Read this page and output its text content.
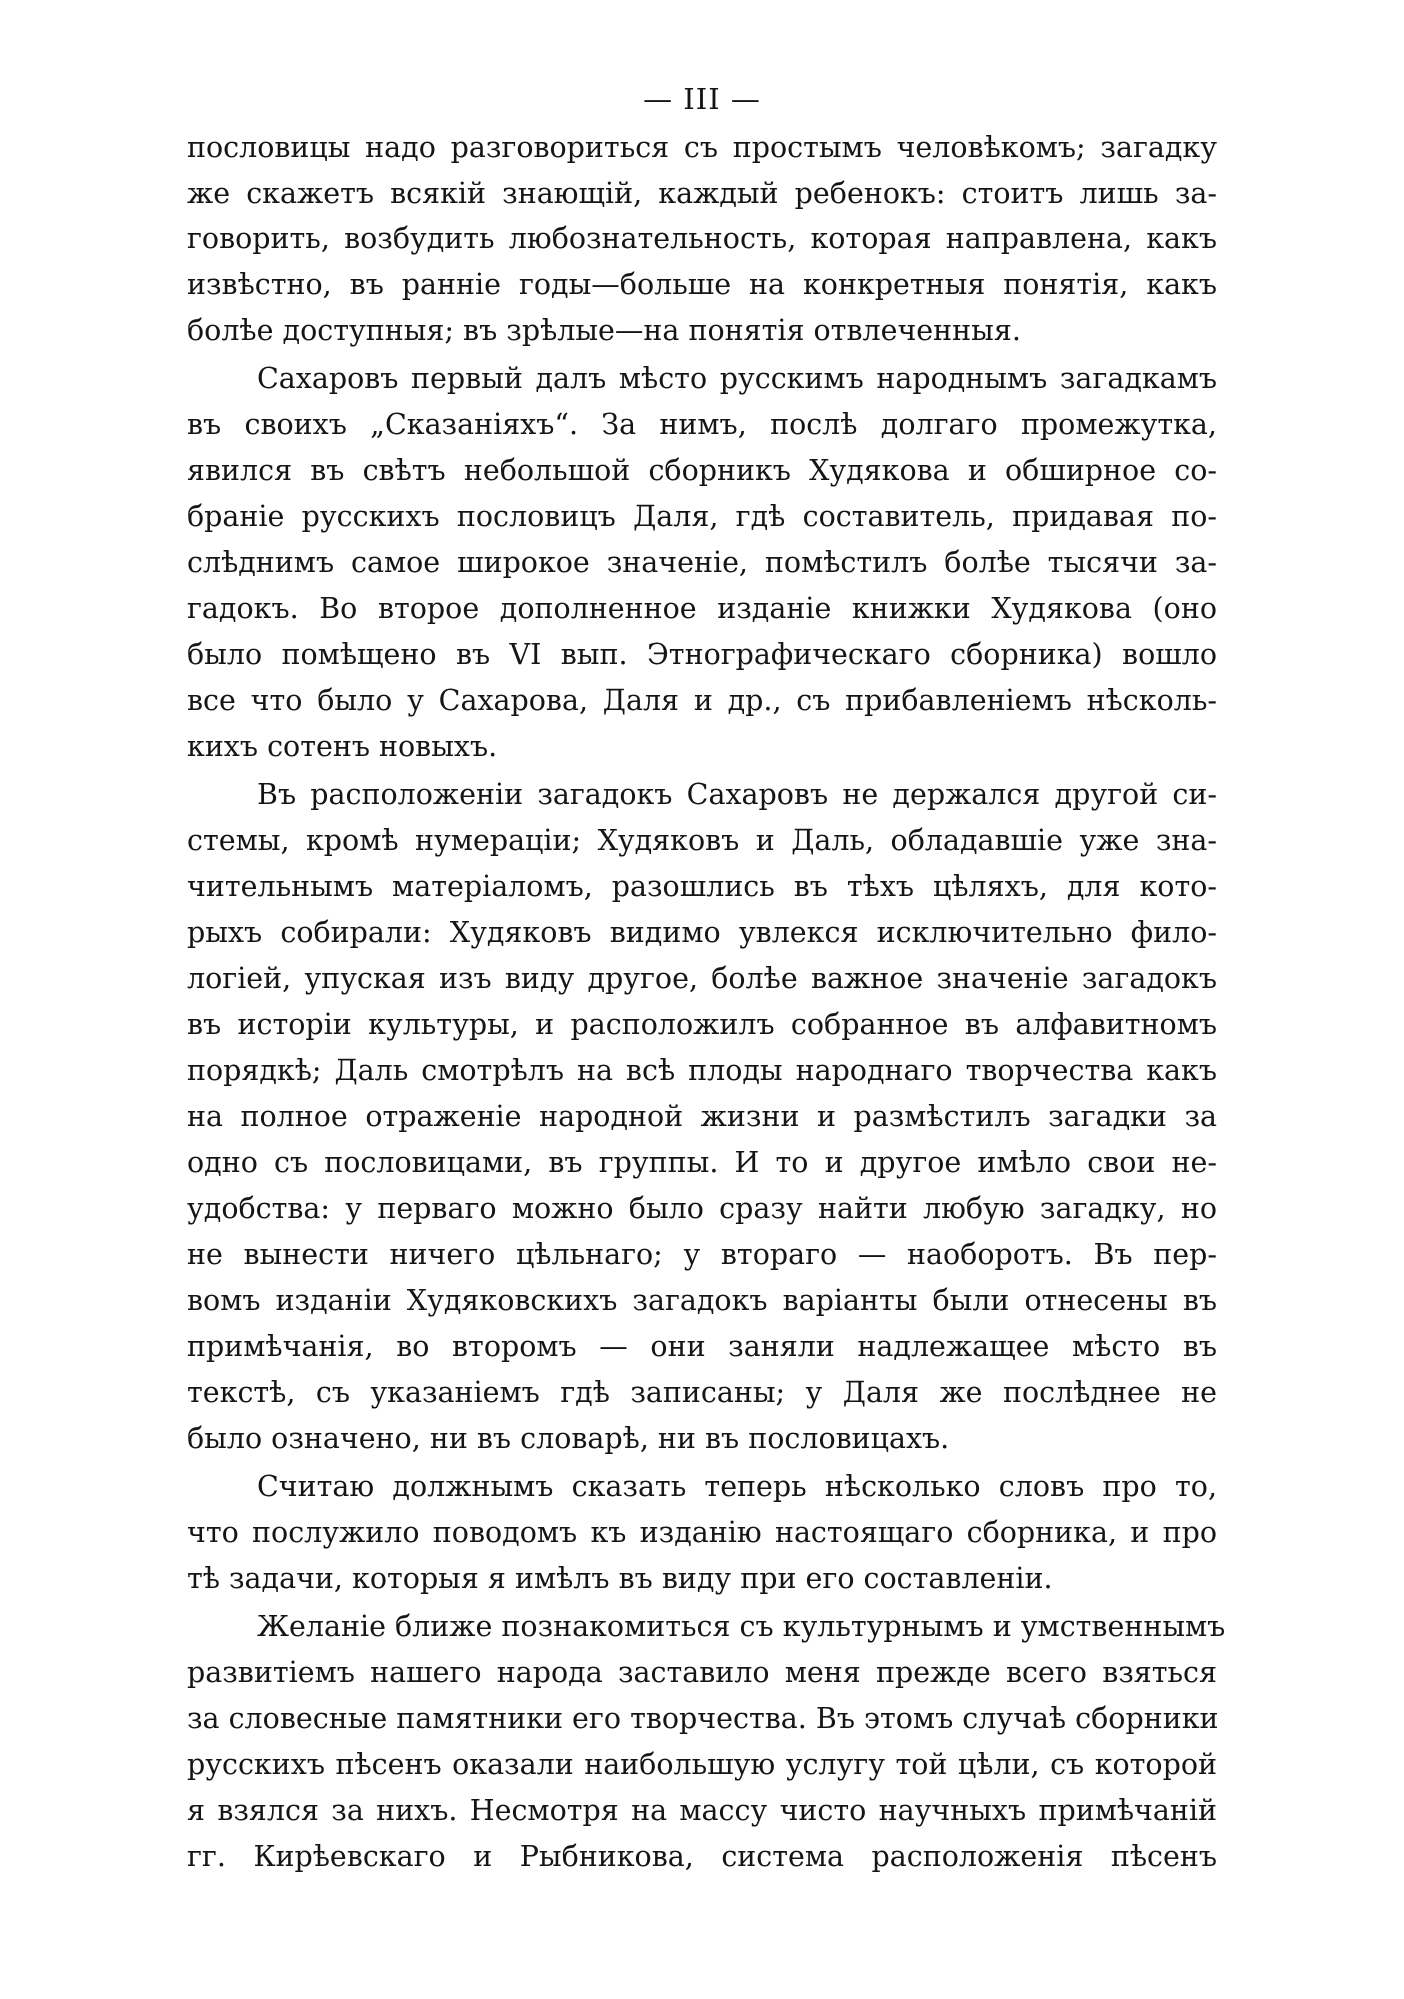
— III —
пословицы надо разговориться съ простымъ человѣкомъ; загадку
же скажетъ всякій знающій, каждый ребенокъ: стоитъ лишь за-
говорить, возбудить любознательность, которая направлена, какъ
извѣстно, въ ранніе годы—больше на конкретныя понятія, какъ
болѣе доступныя; въ зрѣлые—на понятія отвлеченныя.
Сахаровъ первый далъ мѣсто русскимъ народнымъ загадкамъ
въ своихъ „Сказаніяхъ“. За нимъ, послѣ долгаго промежутка,
явился въ свѣтъ небольшой сборникъ Худякова и обширное со-
браніе русскихъ пословицъ Даля, гдѣ составитель, придавая по-
слѣднимъ самое широкое значеніе, помѣстилъ болѣе тысячи за-
гадокъ. Во второе дополненное изданіе книжки Худякова (оно
было помѣщено въ VI вып. Этнографическаго сборника) вошло
все что было у Сахарова, Даля и др., съ прибавленіемъ нѣсколь-
кихъ сотенъ новыхъ.
Въ расположеніи загадокъ Сахаровъ не держался другой си-
стемы, кромѣ нумераціи; Худяковъ и Даль, обладавшіе уже зна-
чительнымъ матеріаломъ, разошлись въ тѣхъ цѣляхъ, для кото-
рыхъ собирали: Худяковъ видимо увлекся исключительно фило-
логіей, упуская изъ виду другое, болѣе важное значеніе загадокъ
въ исторіи культуры, и расположилъ собранное въ алфавитномъ
порядкѣ; Даль смотрѣлъ на всѣ плоды народнаго творчества какъ
на полное отраженіе народной жизни и размѣстилъ загадки за
одно съ пословицами, въ группы. И то и другое имѣло свои не-
удобства: у перваго можно было сразу найти любую загадку, но
не вынести ничего цѣльнаго; у втораго — наоборотъ. Въ пер-
вомъ изданіи Худяковскихъ загадокъ варіанты были отнесены въ
примѣчанія, во второмъ — они заняли надлежащее мѣсто въ
текстѣ, съ указаніемъ гдѣ записаны; у Даля же послѣднее не
было означено, ни въ словарѣ, ни въ пословицахъ.
Считаю должнымъ сказать теперь нѣсколько словъ про то,
что послужило поводомъ къ изданію настоящаго сборника, и про
тѣ задачи, которыя я имѣлъ въ виду при его составленіи.
Желаніе ближе познакомиться съ культурнымъ и умственнымъ
развитіемъ нашего народа заставило меня прежде всего взяться
за словесные памятники его творчества. Въ этомъ случаѣ сборники
русскихъ пѣсенъ оказали наибольшую услугу той цѣли, съ которой
я взялся за нихъ. Несмотря на массу чисто научныхъ примѣчаній
гг. Кирѣевскаго и Рыбникова, система расположенія пѣсенъ
